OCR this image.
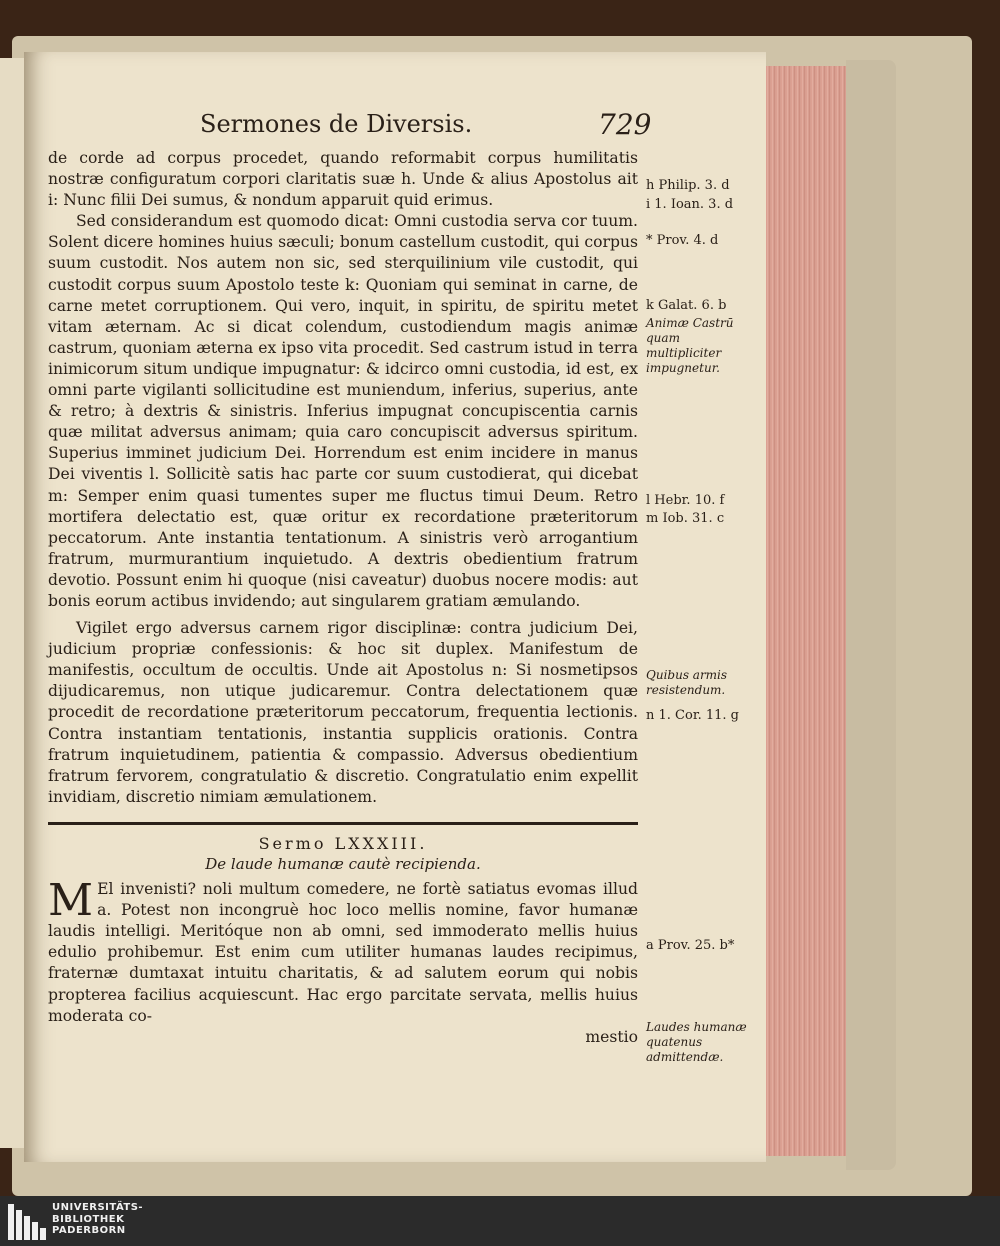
Sermones de Diversis.	729

de corde ad corpus procedet, quando reformabit corpus humilitatis nostræ configuratum corpori claritatis suæ h. Unde & alius Apostolus ait i: Nunc filii Dei sumus, & nondum apparuit quid erimus.

Sed considerandum est quomodo dicat: Omni custodia serva cor tuum. Solent dicere homines huius sæculi; bonum castellum custodit, qui corpus suum custodit. Nos autem non sic, sed sterquilinium vile custodit, qui custodit corpus suum Apostolo teste k: Quoniam qui seminat in carne, de carne metet corruptionem. Qui vero, inquit, in spiritu, de spiritu metet vitam æternam. Ac si dicat colendum, custodiendum magis animæ castrum, quoniam æterna ex ipso vita procedit. Sed castrum istud in terra inimicorum situm undique impugnatur: & idcirco omni custodia, id est, ex omni parte vigilanti sollicitudine est muniendum, inferius, superius, ante & retro; à dextris & sinistris. Inferius impugnat concupiscentia carnis quæ militat adversus animam; quia caro concupiscit adversus spiritum. Superius imminet judicium Dei. Horrendum est enim incidere in manus Dei viventis l. Sollicitè satis hac parte cor suum custodierat, qui dicebat m: Semper enim quasi tumentes super me fluctus timui Deum. Retro mortifera delectatio est, quæ oritur ex recordatione præteritorum peccatorum. Ante instantia tentationum. A sinistris verò arrogantium fratrum, murmurantium inquietudo. A dextris obedientium fratrum devotio. Possunt enim hi quoque (nisi caveatur) duobus nocere modis: aut bonis eorum actibus invidendo; aut singularem gratiam æmulando.

Vigilet ergo adversus carnem rigor disciplinæ: contra judicium Dei, judicium propriæ confessionis: & hoc sit duplex. Manifestum de manifestis, occultum de occultis. Unde ait Apostolus n: Si nosmetipsos dijudicaremus, non utique judicaremur. Contra delectationem quæ procedit de recordatione præteritorum peccatorum, frequentia lectionis. Contra instantiam tentationis, instantia supplicis orationis. Contra fratrum inquietudinem, patientia & compassio. Adversus obedientium fratrum fervorem, congratulatio & discretio. Congratulatio enim expellit invidiam, discretio nimiam æmulationem.

Sermo LXXXIII.

De laude humanæ cautè recipienda.

M El invenisti? noli multum comedere, ne fortè satiatus evomas illud a. Potest non incongruè hoc loco mellis nomine, favor humanæ laudis intelligi. Meritóque non ab omni, sed immoderato mellis huius edulio prohibemur. Est enim cum utiliter humanas laudes recipimus, fraternæ dumtaxat intuitu charitatis, & ad salutem eorum qui nobis propterea facilius acquiescunt. Hac ergo parcitate servata, mellis huius moderata co-

mestio

h Philip. 3. d
i 1. Ioan. 3. d
* Prov. 4. d
k Galat. 6. b
Animæ Castrū quam multipliciter impugnetur.
l Hebr. 10. f
m Iob. 31. c
Quibus armis resistendum.
n 1. Cor. 11. g
a Prov. 25. b*
Laudes humanæ quatenus admittendæ.
UNIVERSITÄTS-
BIBLIOTHEK
PADERBORN
